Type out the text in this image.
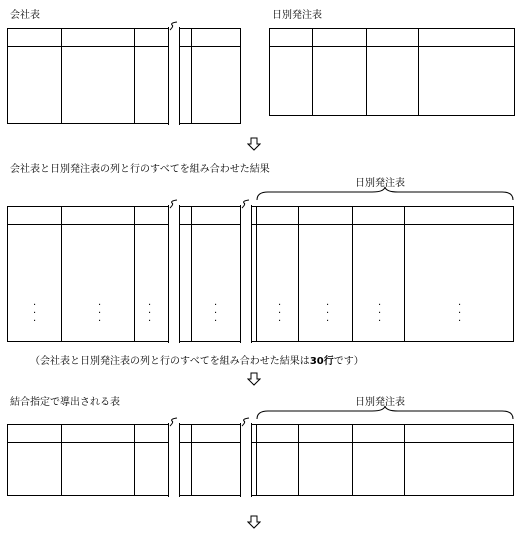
会社表	日別発注表
会社表と日別発注表の列と行のすべてを組み合わせた結果
日別発注表
·
·
·
·
·
·
·
·
·
·
·
·
·
·
·
·
·
·
·
·
·
·
·
·
（会社表と日別発注表の列と行のすべてを組み合わせた結果は30行です）
結合指定で導出される表	日別発注表
